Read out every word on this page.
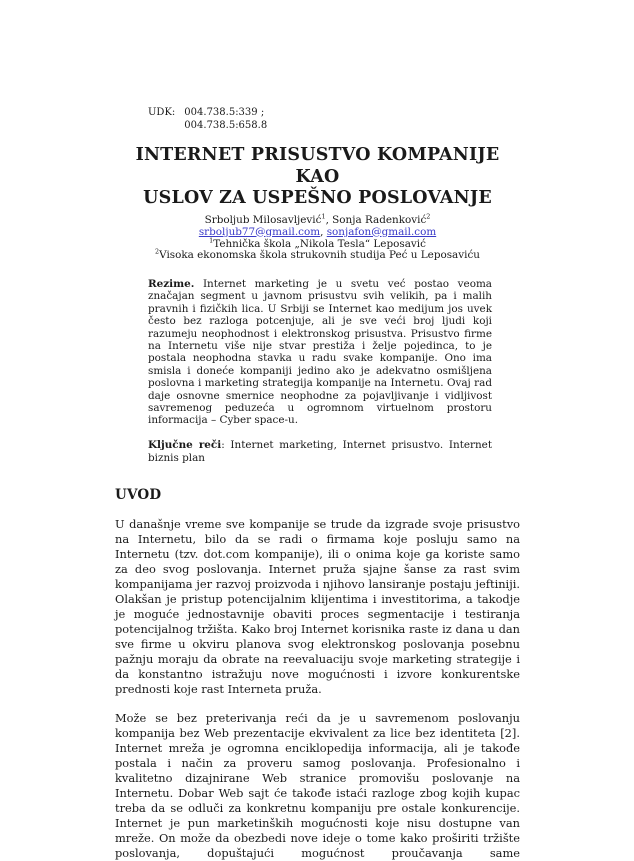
UDK: 004.738.5:339 ;
004.738.5:658.8
INTERNET PRISUSTVO KOMPANIJE KAO
USLOV ZA USPEŠNO POSLOVANJE
Srboljub Milosavljević$^1$, Sonja Radenković$^2$
srboljub77@gmail.com, sonjafon@gmail.com
$^1$Tehnička škola „Nikola Tesla“ Leposavić
$^2$Visoka ekonomska škola strukovnih studija Peć u Leposaviću
Rezime. Internet marketing je u svetu već postao veoma značajan segment u javnom prisustvu svih velikih, pa i malih pravnih i fizičkih lica. U Srbiji se Internet kao medijum jos uvek često bez razloga potcenjuje, ali je sve veći broj ljudi koji razumeju neophodnost i elektronskog prisustva. Prisustvo firme na Internetu više nije stvar prestiža i želje pojedinca, to je postala neophodna stavka u radu svake kompanije. Ono ima smisla i doneće kompaniji jedino ako je adekvatno osmišljena poslovna i marketing strategija kompanije na Internetu. Ovaj rad daje osnovne smernice neophodne za pojavljivanje i vidljivost savremenog peduzeća u ogromnom virtuelnom prostoru informacija – Cyber space-u.
Ključne reči: Internet marketing, Internet prisustvo. Internet biznis plan
UVOD

U današnje vreme sve kompanije se trude da izgrade svoje prisustvo na Internetu, bilo da se radi o firmama koje posluju samo na Internetu (tzv. dot.com kompanije), ili o onima koje ga koriste samo za deo svog poslovanja. Internet pruža sjajne šanse za rast svim kompanijama jer razvoj proizvoda i njihovo lansiranje postaju jeftiniji. Olakšan je pristup potencijalnim klijentima i investitorima, a takodje je moguće jednostavnije obaviti proces segmentacije i testiranja potencijalnog tržišta. Kako broj Internet korisnika raste iz dana u dan sve firme u okviru planova svog elektronskog poslovanja posebnu pažnju moraju da obrate na reevaluaciju svoje marketing strategije i da konstantno istražuju nove mogućnosti i izvore konkurentske prednosti koje rast Interneta pruža.

Može se bez preterivanja reći da je u savremenom poslovanju kompanija bez Web prezentacije ekvivalent za lice bez identiteta [2]. Internet mreža je ogromna enciklopedija informacija, ali je takođe postala i način za proveru samog poslovanja. Profesionalno i kvalitetno dizajnirane Web stranice promovišu poslovanje na Internetu. Dobar Web sajt će takođe istaći razloge zbog kojih kupac treba da se odluči za konkretnu kompaniju pre ostale konkurencije. Internet je pun marketinških mogućnosti koje nisu dostupne van mreže. On može da obezbedi nove ideje o tome kako proširiti tržište poslovanja, dopuštajući mogućnost proučavanja same
